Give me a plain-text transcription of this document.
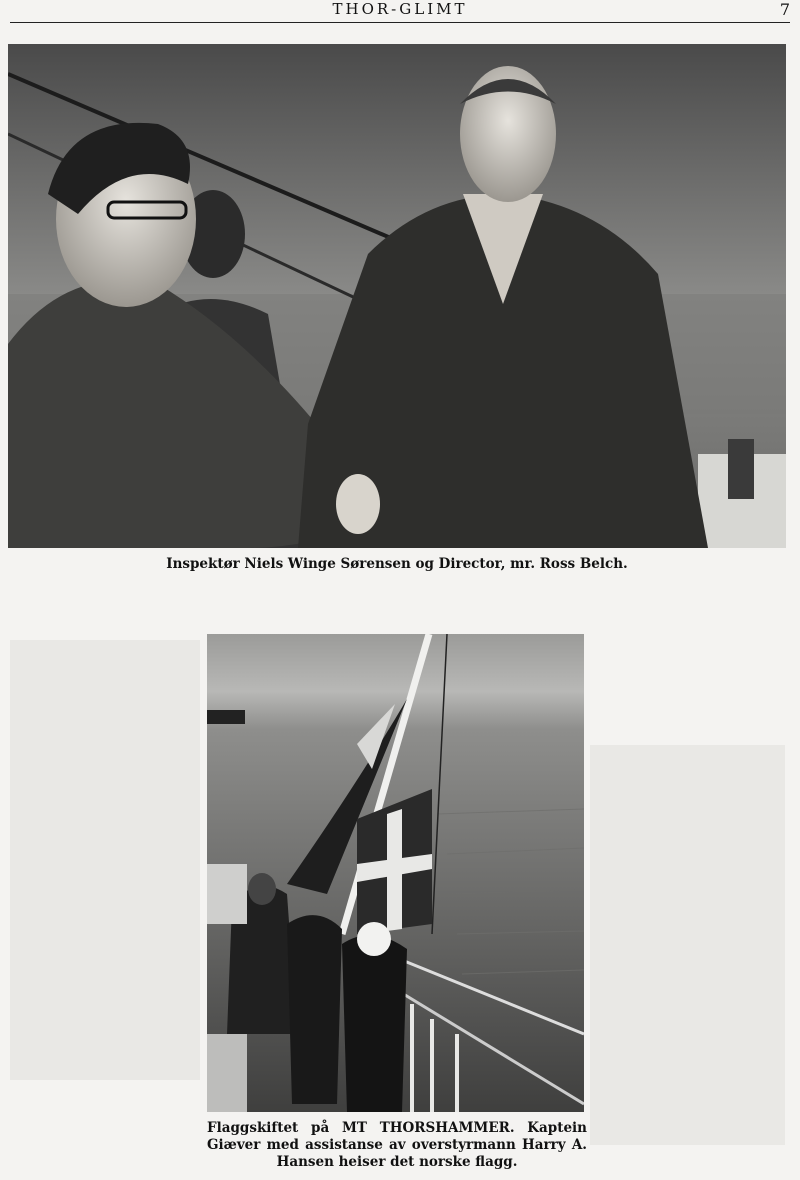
THOR-GLIMT	7
Inspektør Niels Winge Sørensen og Director, mr. Ross Belch.
Flaggskiftet på MT THORSHAMMER. Kaptein Giæver med assistanse av overstyrmann Harry A. Hansen heiser det norske flagg.
